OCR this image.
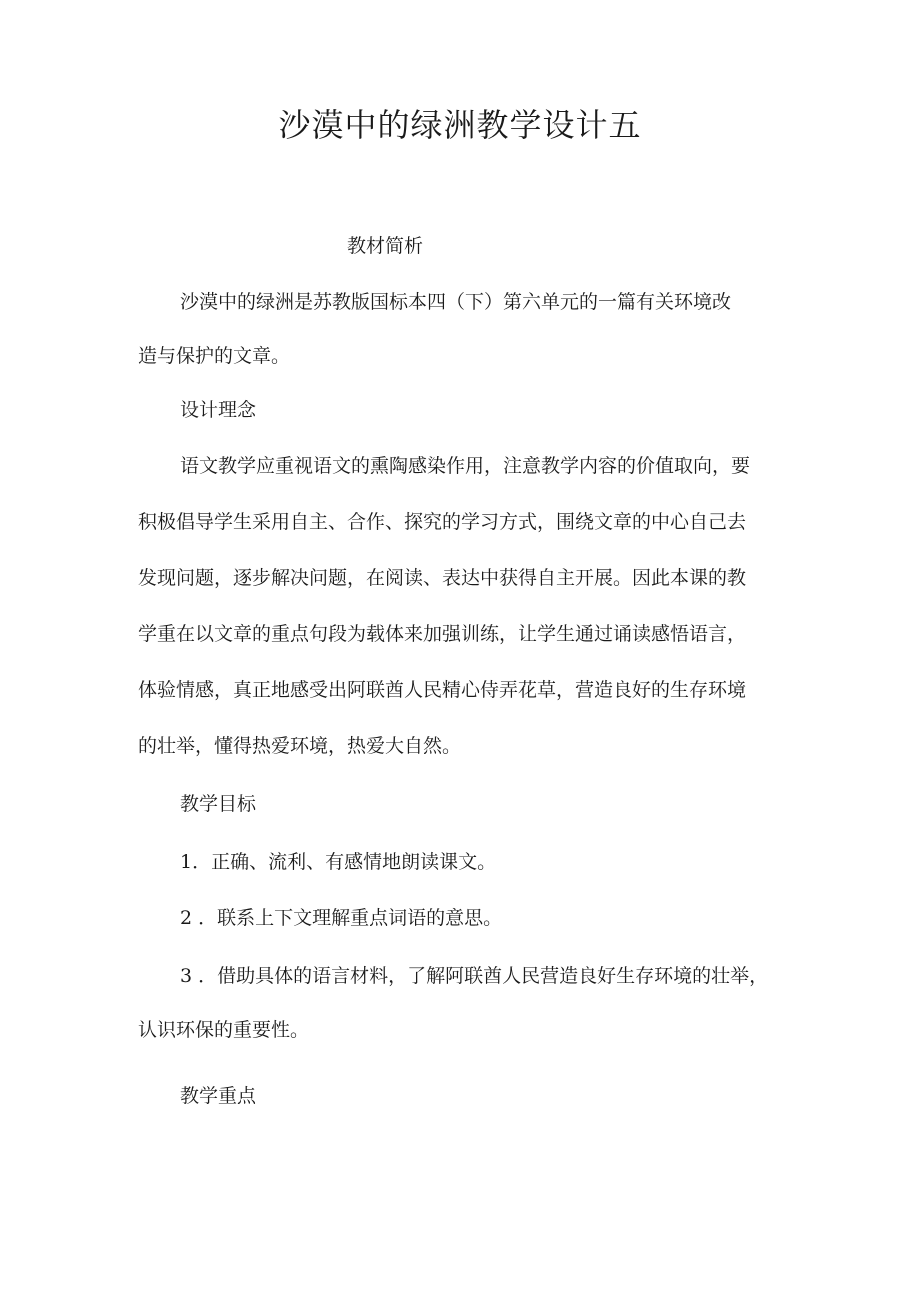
沙漠中的绿洲教学设计五

教材简析

沙漠中的绿洲是苏教版国标本四（下）第六单元的一篇有关环境改

造与保护的文章。

设计理念

语文教学应重视语文的熏陶感染作用，注意教学内容的价值取向，要

积极倡导学生采用自主、合作、探究的学习方式，围绕文章的中心自己去

发现问题，逐步解决问题，在阅读、表达中获得自主开展。因此本课的教

学重在以文章的重点句段为载体来加强训练，让学生通过诵读感悟语言，

体验情感，真正地感受出阿联酋人民精心侍弄花草，营造良好的生存环境

的壮举，懂得热爱环境，热爱大自然。

教学目标

1．正确、流利、有感情地朗读课文。

2 ．联系上下文理解重点词语的意思。

3 ．借助具体的语言材料，了解阿联酋人民营造良好生存环境的壮举，

认识环保的重要性。

教学重点
